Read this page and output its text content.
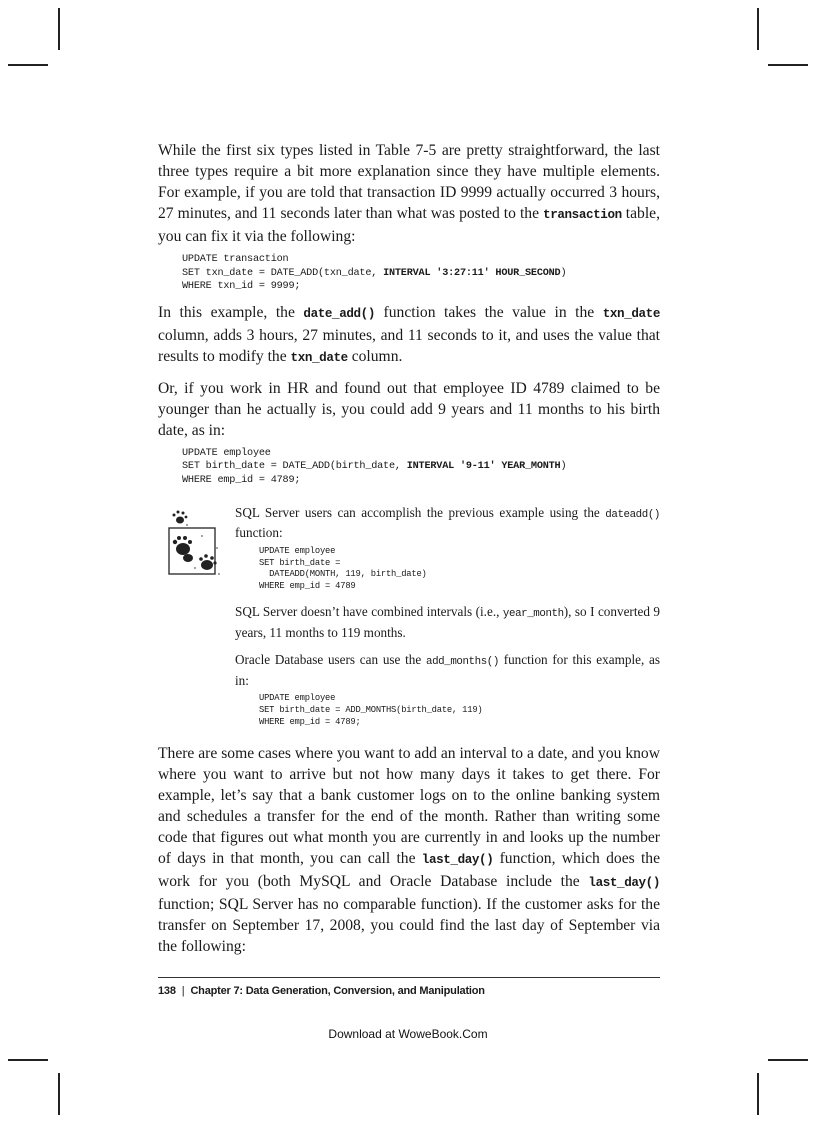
While the first six types listed in Table 7-5 are pretty straightforward, the last three types require a bit more explanation since they have multiple elements. For example, if you are told that transaction ID 9999 actually occurred 3 hours, 27 minutes, and 11 seconds later than what was posted to the transaction table, you can fix it via the following:

UPDATE transaction
SET txn_date = DATE_ADD(txn_date, INTERVAL '3:27:11' HOUR_SECOND)
WHERE txn_id = 9999;

In this example, the date_add() function takes the value in the txn_date column, adds 3 hours, 27 minutes, and 11 seconds to it, and uses the value that results to modify the txn_date column.

Or, if you work in HR and found out that employee ID 4789 claimed to be younger than he actually is, you could add 9 years and 11 months to his birth date, as in:

UPDATE employee
SET birth_date = DATE_ADD(birth_date, INTERVAL '9-11' YEAR_MONTH)
WHERE emp_id = 4789;

SQL Server users can accomplish the previous example using the dateadd() function:

UPDATE employee
SET birth_date =
DATEADD(MONTH, 119, birth_date)
WHERE emp_id = 4789

SQL Server doesn’t have combined intervals (i.e., year_month), so I converted 9 years, 11 months to 119 months.

Oracle Database users can use the add_months() function for this example, as in:

UPDATE employee
SET birth_date = ADD_MONTHS(birth_date, 119)
WHERE emp_id = 4789;

There are some cases where you want to add an interval to a date, and you know where you want to arrive but not how many days it takes to get there. For example, let’s say that a bank customer logs on to the online banking system and schedules a transfer for the end of the month. Rather than writing some code that figures out what month you are currently in and looks up the number of days in that month, you can call the last_day() function, which does the work for you (both MySQL and Oracle Database include the last_day() function; SQL Server has no comparable function). If the customer asks for the transfer on September 17, 2008, you could find the last day of September via the following:

138 | Chapter 7: Data Generation, Conversion, and Manipulation
Download at WoweBook.Com
